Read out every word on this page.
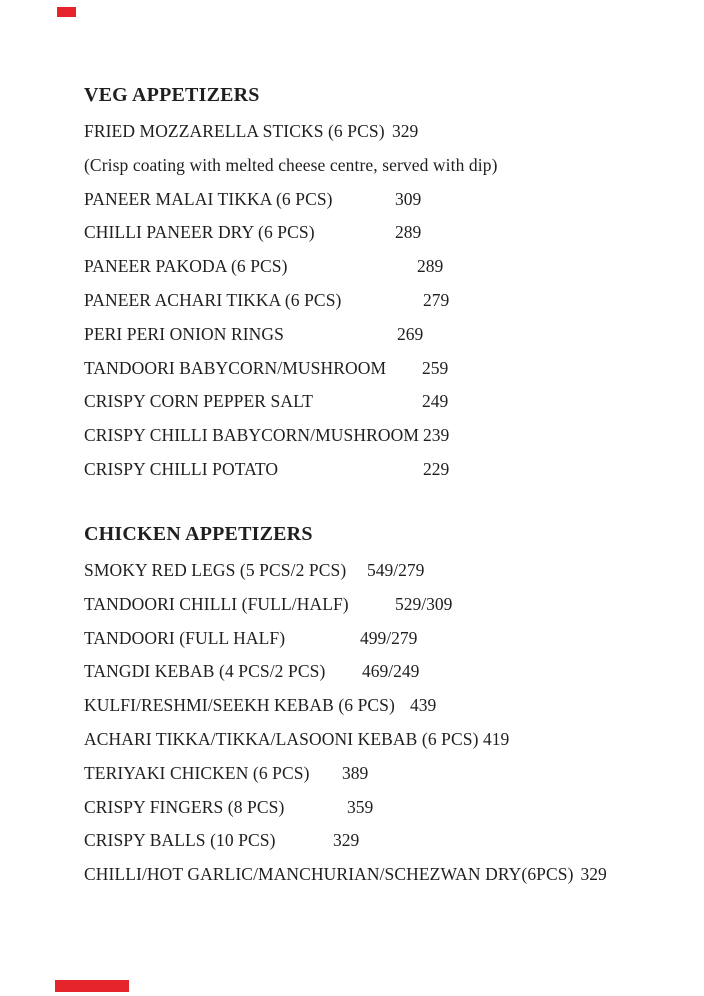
VEG APPETIZERS
FRIED MOZZARELLA STICKS (6 PCS) 329
(Crisp coating with melted cheese centre, served with dip)
PANEER MALAI TIKKA (6 PCS)	309
CHILLI PANEER DRY (6 PCS)	289
PANEER PAKODA (6 PCS)	289
PANEER ACHARI TIKKA (6 PCS)	279
PERI PERI ONION RINGS	269
TANDOORI BABYCORN/MUSHROOM 259
CRISPY CORN PEPPER SALT	249
CRISPY CHILLI BABYCORN/MUSHROOM 239
CRISPY CHILLI POTATO	229
CHICKEN APPETIZERS
SMOKY RED LEGS (5 PCS/2 PCS) 549/279
TANDOORI CHILLI (FULL/HALF)	529/309
TANDOORI (FULL HALF)	499/279
TANGDI KEBAB (4 PCS/2 PCS) 469/249
KULFI/RESHMI/SEEKH KEBAB (6 PCS) 439
ACHARI TIKKA/TIKKA/LASOONI KEBAB (6 PCS) 419
TERIYAKI CHICKEN (6 PCS) 389
CRISPY FINGERS (8 PCS)	359
CRISPY BALLS (10 PCS)	329
CHILLI/HOT GARLIC/MANCHURIAN/SCHEZWAN DRY(6PCS) 329
